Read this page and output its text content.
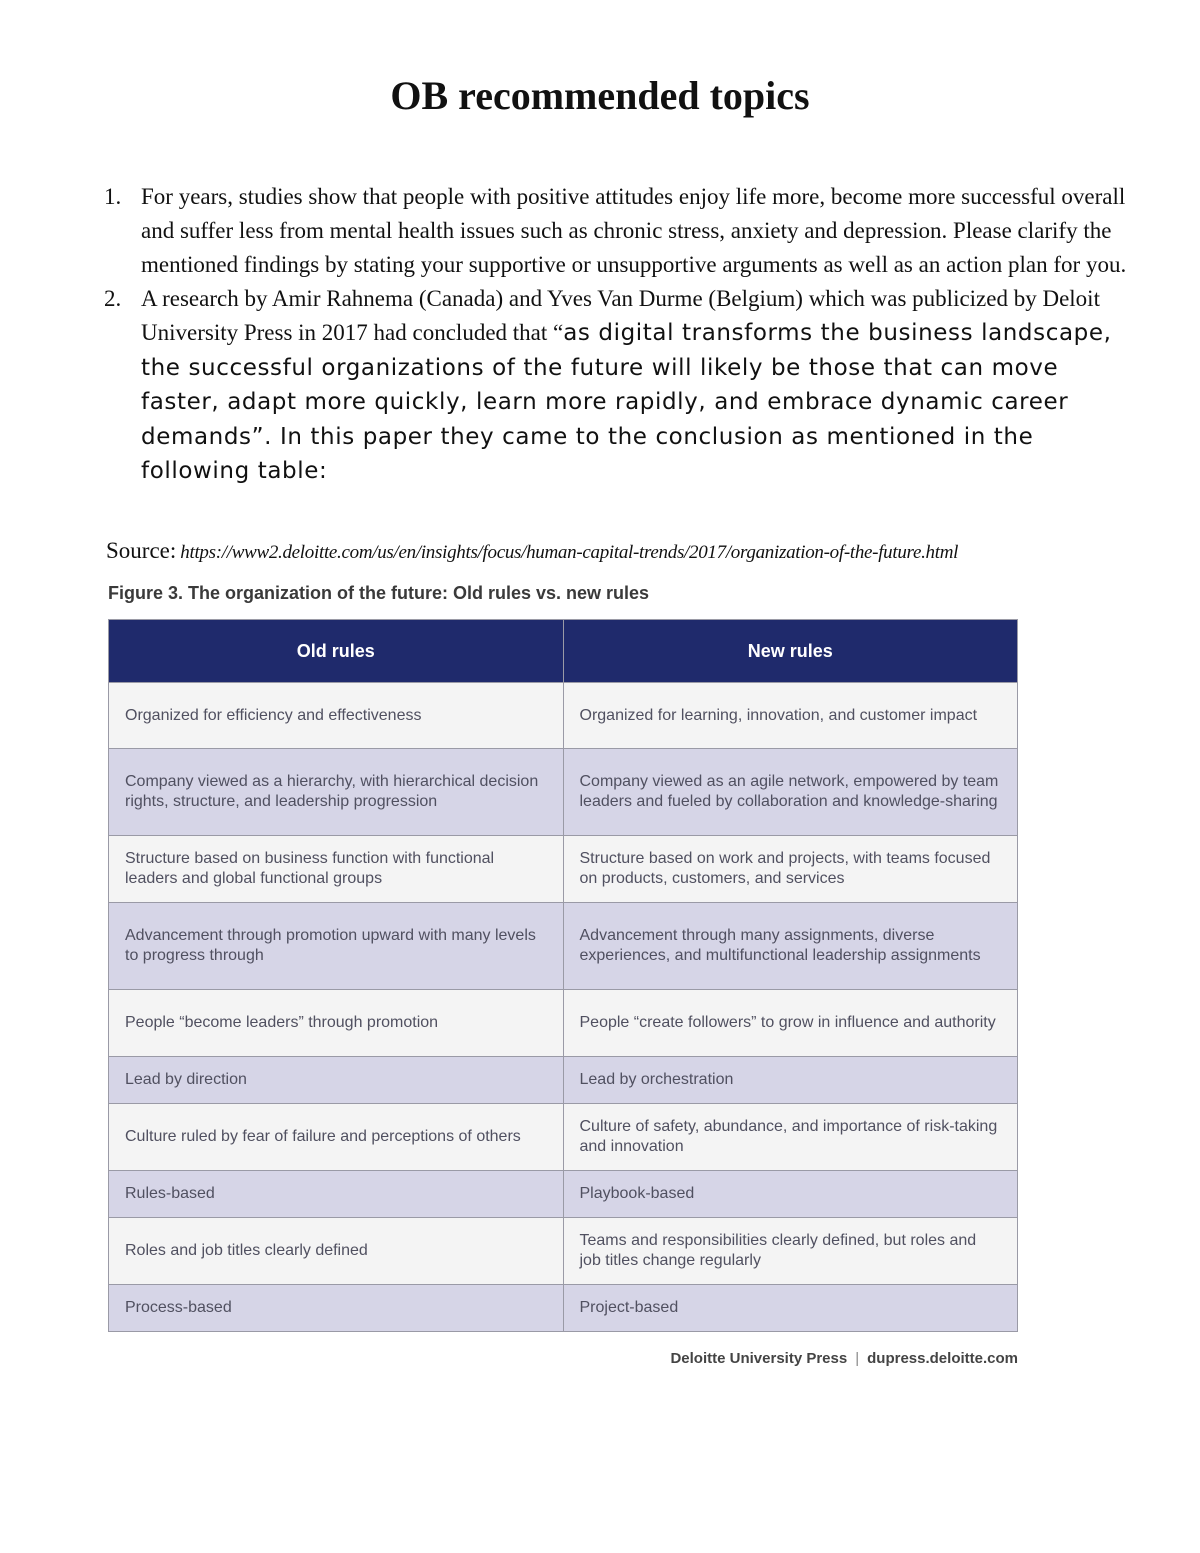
OB recommended topics
1. For years, studies show that people with positive attitudes enjoy life more, become more successful overall and suffer less from mental health issues such as chronic stress, anxiety and depression. Please clarify the mentioned findings by stating your supportive or unsupportive arguments as well as an action plan for you.
2. A research by Amir Rahnema (Canada) and Yves Van Durme (Belgium) which was publicized by Deloit University Press in 2017 had concluded that “as digital transforms the business landscape, the successful organizations of the future will likely be those that can move faster, adapt more quickly, learn more rapidly, and embrace dynamic career demands”. In this paper they came to the conclusion as mentioned in the following table:
Source: https://www2.deloitte.com/us/en/insights/focus/human-capital-trends/2017/organization-of-the-future.html
Figure 3. The organization of the future: Old rules vs. new rules
Old rules	New rules
Organized for efficiency and effectiveness	Organized for learning, innovation, and customer impact
Company viewed as a hierarchy, with hierarchical decision rights, structure, and leadership progression	Company viewed as an agile network, empowered by team leaders and fueled by collaboration and knowledge-sharing
Structure based on business function with functional leaders and global functional groups	Structure based on work and projects, with teams focused on products, customers, and services
Advancement through promotion upward with many levels to progress through	Advancement through many assignments, diverse experiences, and multifunctional leadership assignments
People “become leaders” through promotion	People “create followers” to grow in influence and authority
Lead by direction	Lead by orchestration
Culture ruled by fear of failure and perceptions of others	Culture of safety, abundance, and importance of risk-taking and innovation
Rules-based	Playbook-based
Roles and job titles clearly defined	Teams and responsibilities clearly defined, but roles and job titles change regularly
Process-based	Project-based
Deloitte University Press | dupress.deloitte.com
